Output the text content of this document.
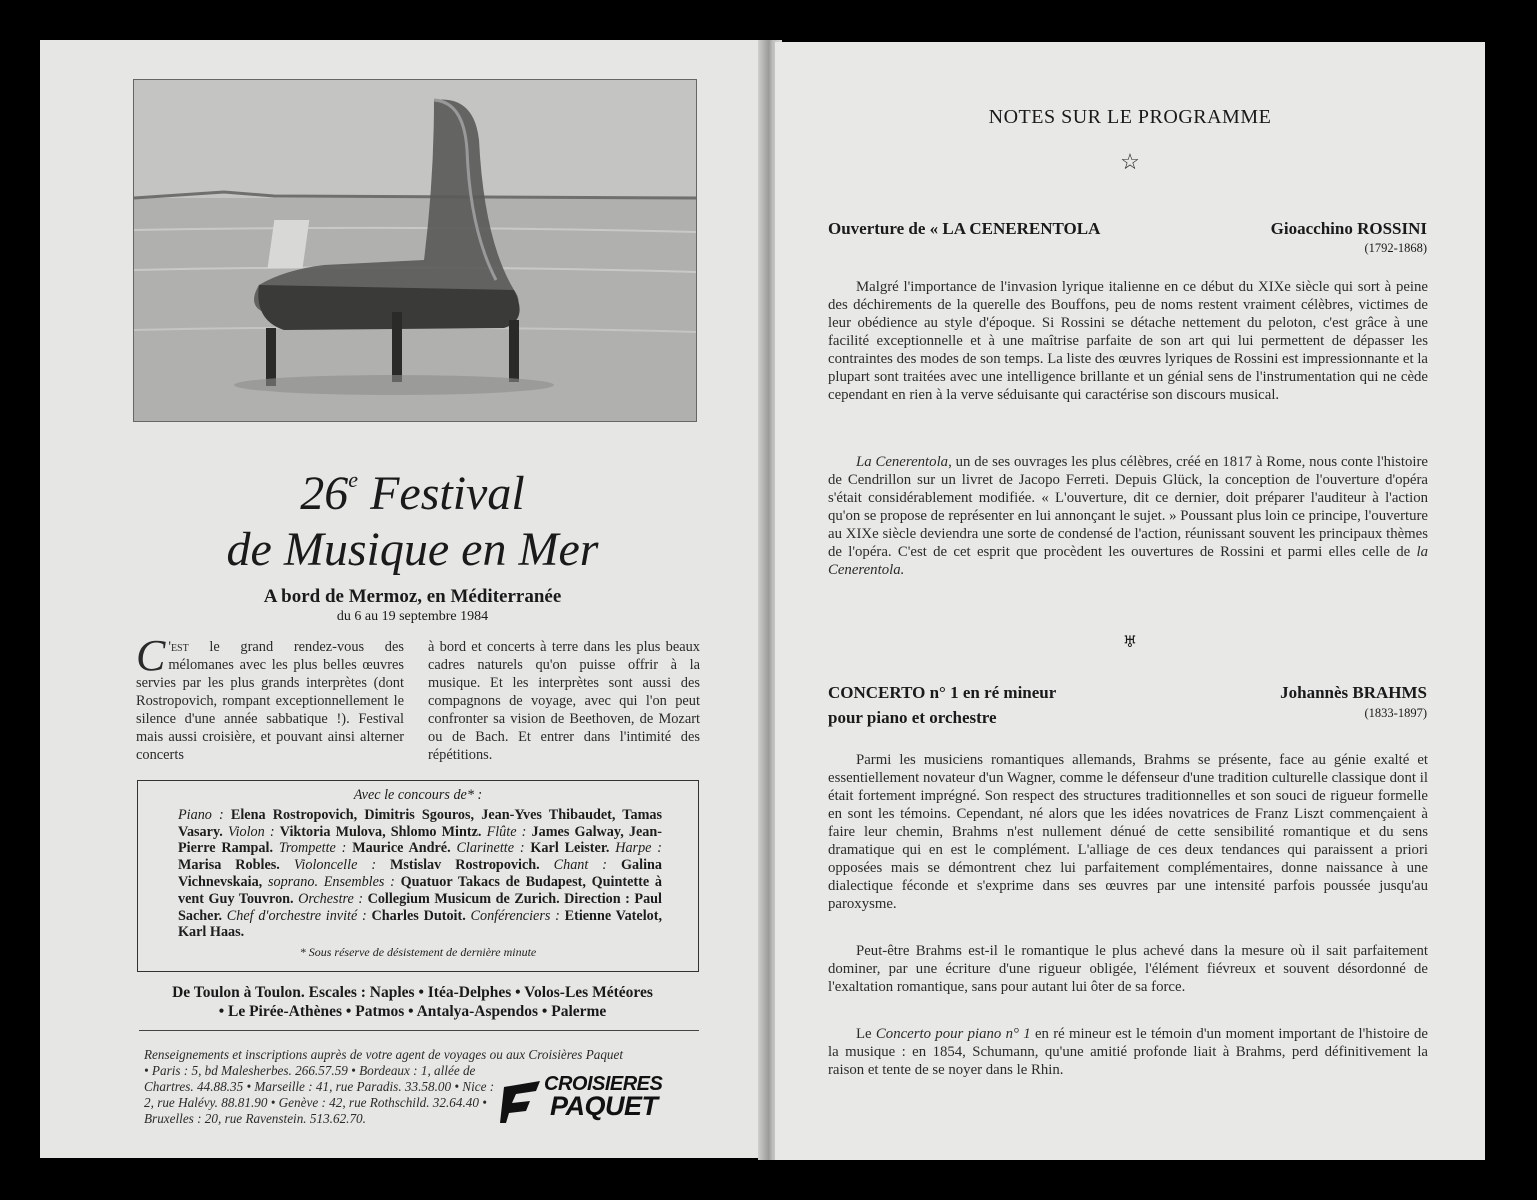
26e Festival
de Musique en Mer
A bord de Mermoz, en Méditerranée
du 6 au 19 septembre 1984
C 'est le grand rendez-vous des mélomanes avec les plus belles œuvres servies par les plus grands interprètes (dont Rostropovich, rompant exceptionnellement le silence d'une année sabbatique !). Festival mais aussi croisière, et pouvant ainsi alterner concerts
à bord et concerts à terre dans les plus beaux cadres naturels qu'on puisse offrir à la musique. Et les interprètes sont aussi des compagnons de voyage, avec qui l'on peut confronter sa vision de Beethoven, de Mozart ou de Bach. Et entrer dans l'intimité des répétitions.
Avec le concours de* :
Piano : Elena Rostropovich, Dimitris Sgouros, Jean-Yves Thibaudet, Tamas Vasary. Violon : Viktoria Mulova, Shlomo Mintz. Flûte : James Galway, Jean-Pierre Rampal. Trompette : Maurice André. Clarinette : Karl Leister. Harpe : Marisa Robles. Violoncelle : Mstislav Rostropovich. Chant : Galina Vichnevskaia, soprano. Ensembles : Quatuor Takacs de Budapest, Quintette à vent Guy Touvron. Orchestre : Collegium Musicum de Zurich. Direction : Paul Sacher. Chef d'orchestre invité : Charles Dutoit. Conférenciers : Etienne Vatelot, Karl Haas.
* Sous réserve de désistement de dernière minute
De Toulon à Toulon. Escales : Naples • Itéa-Delphes • Volos-Les Météores
• Le Pirée-Athènes • Patmos • Antalya-Aspendos • Palerme
Renseignements et inscriptions auprès de votre agent de voyages ou aux Croisières Paquet
• Paris : 5, bd Malesherbes. 266.57.59 • Bordeaux : 1, allée de Chartres. 44.88.35 • Marseille : 41, rue Paradis. 33.58.00 • Nice : 2, rue Halévy. 88.81.90 • Genève : 42, rue Rothschild. 32.64.40 • Bruxelles : 20, rue Ravenstein. 513.62.70.
CROISIERES
PAQUET
NOTES SUR LE PROGRAMME
☆
Ouverture de « LA CENERENTOLA	Gioacchino ROSSINI
(1792-1868)

Malgré l'importance de l'invasion lyrique italienne en ce début du XIXe siècle qui sort à peine des déchirements de la querelle des Bouffons, peu de noms restent vraiment célèbres, victimes de leur obédience au style d'époque. Si Rossini se détache nettement du peloton, c'est grâce à une facilité exceptionnelle et à une maîtrise parfaite de son art qui lui permettent de dépasser les contraintes des modes de son temps. La liste des œuvres lyriques de Rossini est impressionnante et la plupart sont traitées avec une intelligence brillante et un génial sens de l'instrumentation qui ne cède cependant en rien à la verve séduisante qui caractérise son discours musical.

La Cenerentola, un de ses ouvrages les plus célèbres, créé en 1817 à Rome, nous conte l'histoire de Cendrillon sur un livret de Jacopo Ferreti. Depuis Glück, la conception de l'ouverture d'opéra s'était considérablement modifiée. « L'ouverture, dit ce dernier, doit préparer l'auditeur à l'action qu'on se propose de représenter en lui annonçant le sujet. » Poussant plus loin ce principe, l'ouverture au XIXe siècle deviendra une sorte de condensé de l'action, réunissant souvent les principaux thèmes de l'opéra. C'est de cet esprit que procèdent les ouvertures de Rossini et parmi elles celle de la Cenerentola.

♅
CONCERTO n° 1 en ré mineur
pour piano et orchestre
Johannès BRAHMS
(1833-1897)

Parmi les musiciens romantiques allemands, Brahms se présente, face au génie exalté et essentiellement novateur d'un Wagner, comme le défenseur d'une tradition culturelle classique dont il était fortement imprégné. Son respect des structures traditionnelles et son souci de rigueur formelle en sont les témoins. Cependant, né alors que les idées novatrices de Franz Liszt commençaient à faire leur chemin, Brahms n'est nullement dénué de cette sensibilité romantique et du sens dramatique qui en est le complément. L'alliage de ces deux tendances qui paraissent a priori opposées mais se démontrent chez lui parfaitement complémentaires, donne naissance à une dialectique féconde et s'exprime dans ses œuvres par une intensité parfois poussée jusqu'au paroxysme.

Peut-être Brahms est-il le romantique le plus achevé dans la mesure où il sait parfaitement dominer, par une écriture d'une rigueur obligée, l'élément fiévreux et souvent désordonné de l'exaltation romantique, sans pour autant lui ôter de sa force.

Le Concerto pour piano n° 1 en ré mineur est le témoin d'un moment important de l'histoire de la musique : en 1854, Schumann, qu'une amitié profonde liait à Brahms, perd définitivement la raison et tente de se noyer dans le Rhin.
